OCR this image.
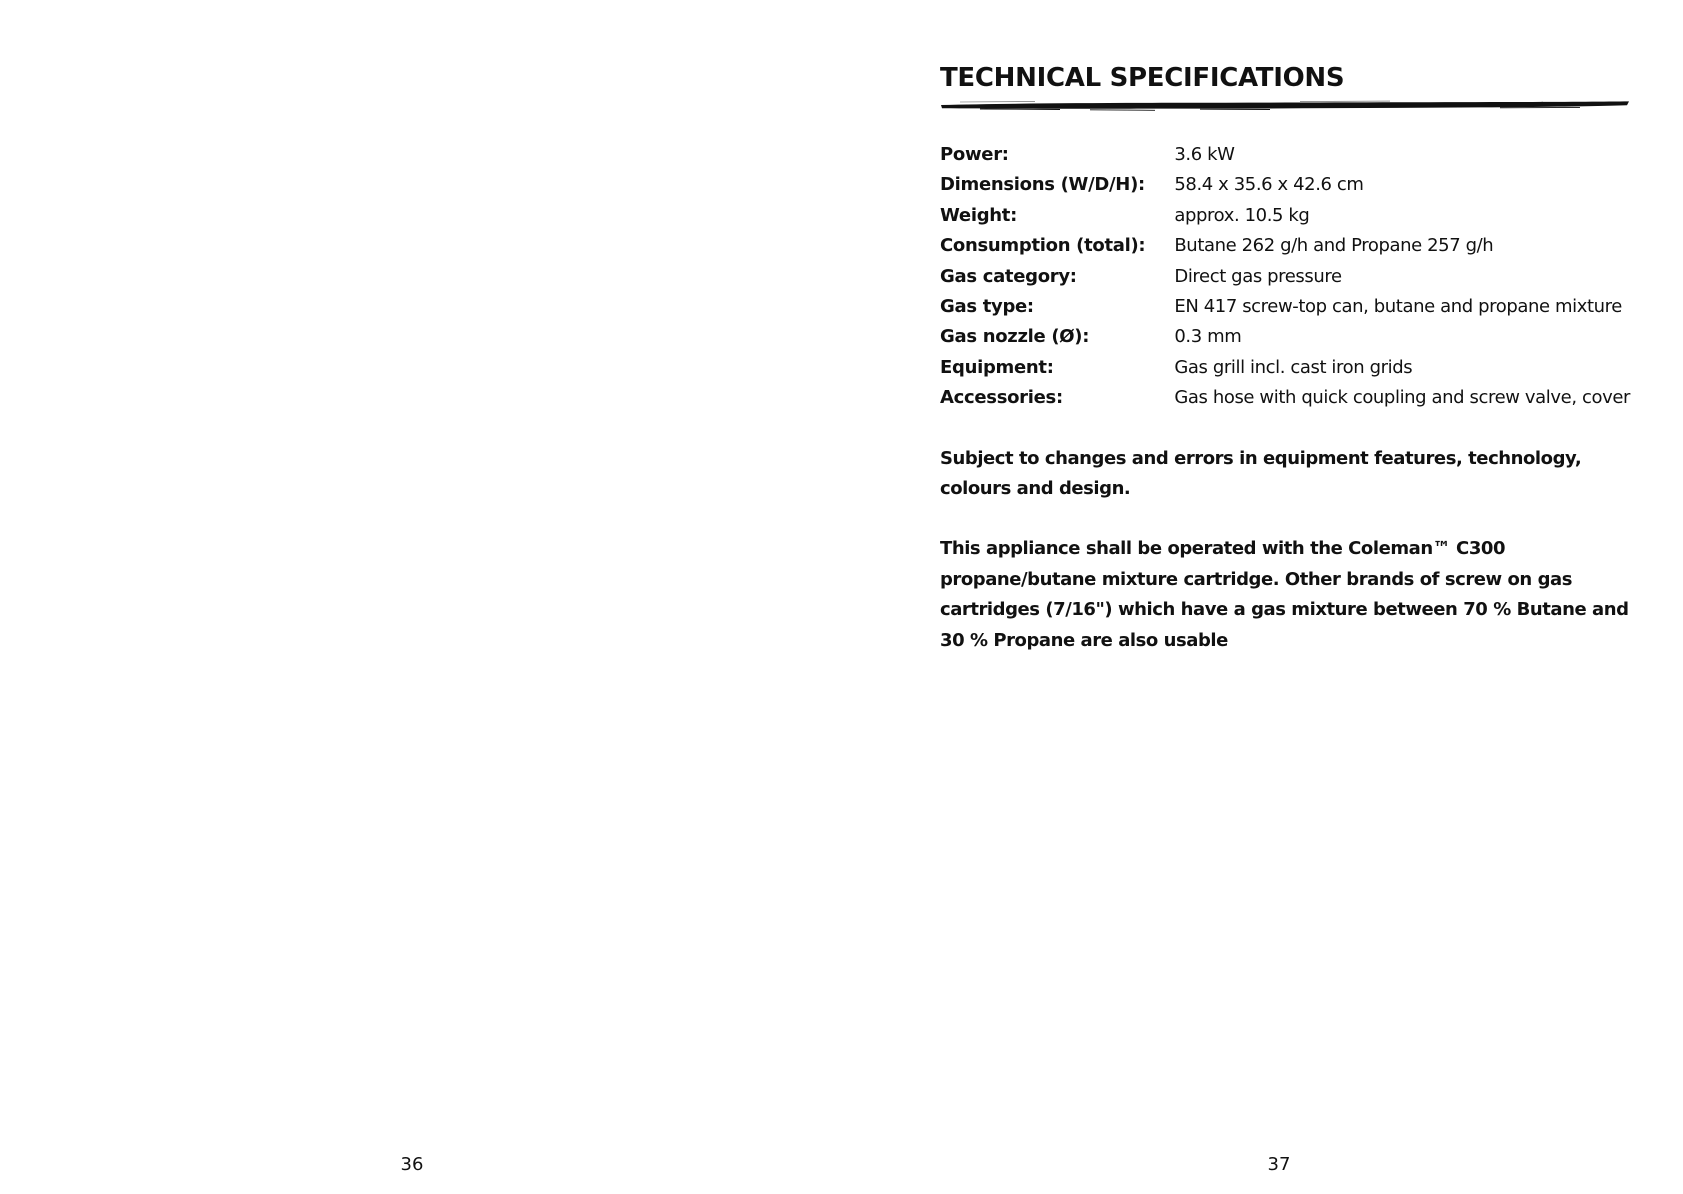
36
TECHNICAL SPECIFICATIONS
Power:	3.6 kW
Dimensions (W/D/H):	58.4 x 35.6 x 42.6 cm
Weight:	approx. 10.5 kg
Consumption (total):	Butane 262 g/h and Propane 257 g/h
Gas category:	Direct gas pressure
Gas type:	EN 417 screw-top can, butane and propane mixture
Gas nozzle (Ø):	0.3 mm
Equipment:	Gas grill incl. cast iron grids
Accessories:	Gas hose with quick coupling and screw valve, cover

Subject to changes and errors in equipment features, technology, colours and design.

This appliance shall be operated with the Coleman™ C300 propane/butane mixture cartridge. Other brands of screw on gas cartridges (7/16") which have a gas mixture between 70 % Butane and 30 % Propane are also usable

37
